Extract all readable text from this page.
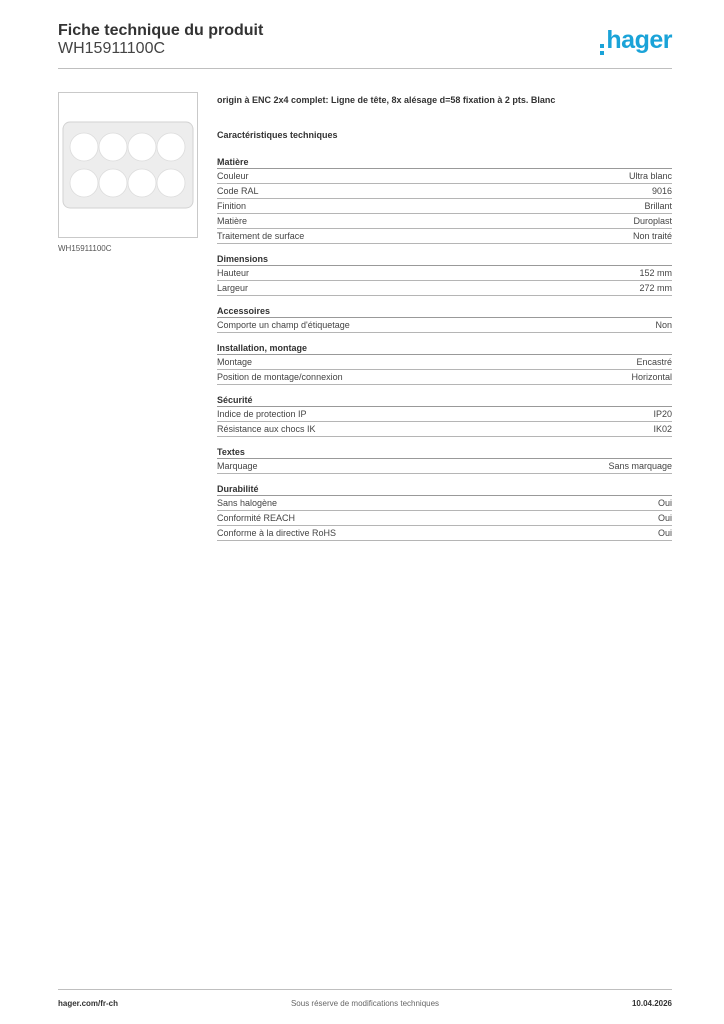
Fiche technique du produit
WH15911100C	hager
WH15911100C
origin à ENC 2x4 complet: Ligne de tête, 8x alésage d=58 fixation à 2 pts. Blanc
Caractéristiques techniques
Matière
Couleur	Ultra blanc
Code RAL	9016
Finition	Brillant
Matière	Duroplast
Traitement de surface	Non traité
Dimensions
Hauteur	152 mm
Largeur	272 mm
Accessoires
Comporte un champ d'étiquetage	Non
Installation, montage
Montage	Encastré
Position de montage/connexion	Horizontal
Sécurité
Indice de protection IP	IP20
Résistance aux chocs IK	IK02
Textes
Marquage	Sans marquage
Durabilité
Sans halogène	Oui
Conformité REACH	Oui
Conforme à la directive RoHS	Oui
hager.com/fr-ch	Sous réserve de modifications techniques	10.04.2026
